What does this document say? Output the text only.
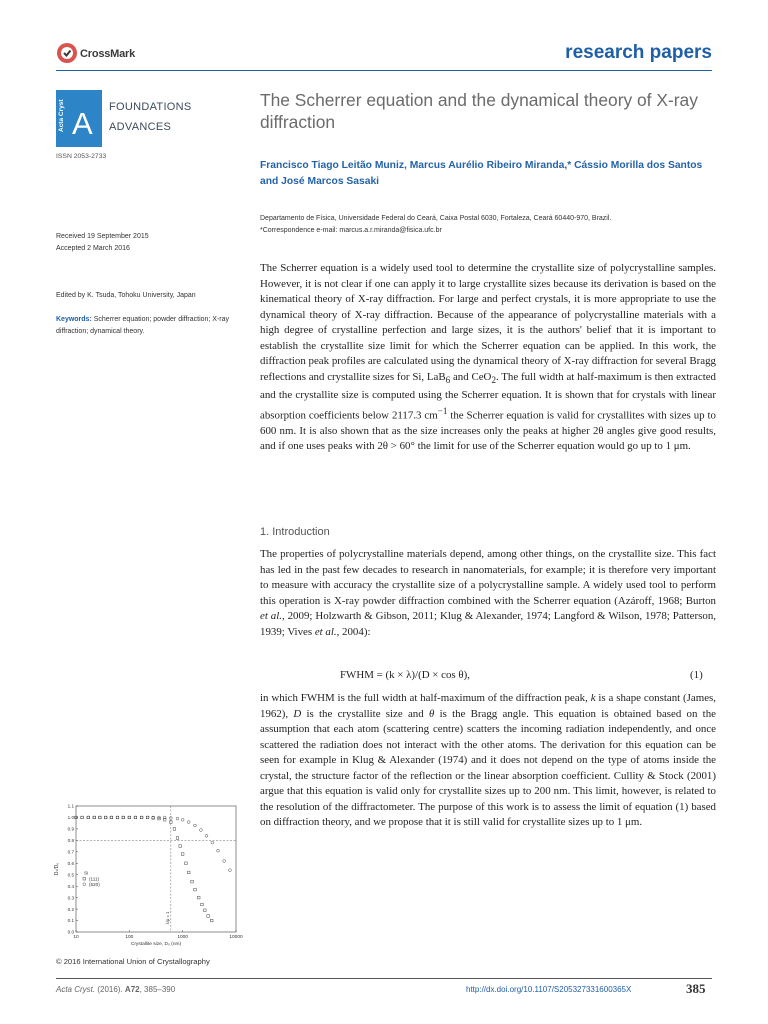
CrossMark	research papers
Acta Cryst A FOUNDATIONS
ADVANCES
ISSN 2053-2733
The Scherrer equation and the dynamical theory of X-ray diffraction
Francisco Tiago Leitão Muniz, Marcus Aurélio Ribeiro Miranda,* Cássio Morilla dos Santos and José Marcos Sasaki
Departamento de Física, Universidade Federal do Ceará, Caixa Postal 6030, Fortaleza, Ceará 60440-970, Brazil.
*Correspondence e-mail: marcus.a.r.miranda@fisica.ufc.br
Received 19 September 2015
Accepted 2 March 2016
Edited by K. Tsuda, Tohoku University, Japan
Keywords: Scherrer equation; powder diffraction; X-ray diffraction; dynamical theory.
The Scherrer equation is a widely used tool to determine the crystallite size of polycrystalline samples. However, it is not clear if one can apply it to large crystallite sizes because its derivation is based on the kinematical theory of X-ray diffraction. For large and perfect crystals, it is more appropriate to use the dynamical theory of X-ray diffraction. Because of the appearance of polycrystalline materials with a high degree of crystalline perfection and large sizes, it is the authors' belief that it is important to establish the crystallite size limit for which the Scherrer equation can be applied. In this work, the diffraction peak profiles are calculated using the dynamical theory of X-ray diffraction for several Bragg reflections and crystallite sizes for Si, LaB$_6$ and CeO$_2$. The full width at half-maximum is then extracted and the crystallite size is computed using the Scherrer equation. It is shown that for crystals with linear absorption coefficients below 2117.3 $cm^{-1}$ the Scherrer equation is valid for crystallites with sizes up to 600 nm. It is also shown that as the size increases only the peaks at higher 2θ angles give good results, and if one uses peaks with 2θ > 60° the limit for use of the Scherrer equation would go up to 1 μm.
1. Introduction
The properties of polycrystalline materials depend, among other things, on the crystallite size. This fact has led in the past few decades to research in nanomaterials, for example; it is therefore very important to measure with accuracy the crystallite size of a polycrystalline sample. A widely used tool to perform this operation is X-ray powder diffraction combined with the Scherrer equation (Azároff, 1968; Burton et al., 2009; Holzwarth & Gibson, 2011; Klug & Alexander, 1974; Langford & Wilson, 1978; Patterson, 1939; Vives et al., 2004):
FWHM = (k × λ)/(D × cos θ),	(1)
in which FWHM is the full width at half-maximum of the diffraction peak, k is a shape constant (James, 1962), D is the crystallite size and θ is the Bragg angle. This equation is obtained based on the assumption that each atom (scattering centre) scatters the incoming radiation independently, and once scattered the radiation does not interact with the other atoms. The derivation for this equation can be seen for example in Klug & Alexander (1974) and it does not depend on the type of atoms inside the crystal, the structure factor of the reflection or the linear absorption coefficient. Cullity & Stock (2001) argue that this equation is valid only for crystallite sizes up to 200 nm. This limit, however, is related to the resolution of the diffractometer. The purpose of this work is to assess the limit of equation (1) based on diffraction theory, and we propose that it is still valid for crystallite sizes up to 1 μm.
0.0
0.1
0.2
0.3
0.4
0.5
0.6
0.7
0.8
0.9
1.0
1.1
10	100	1000	10000
Crystallite size, D₀ (nm)
Dₛ/D₀
λ/μ = 1
Si
(111)
(620)
© 2016 International Union of Crystallography
Acta Cryst. (2016). A72, 385–390	http://dx.doi.org/10.1107/S205327331600365X	385
